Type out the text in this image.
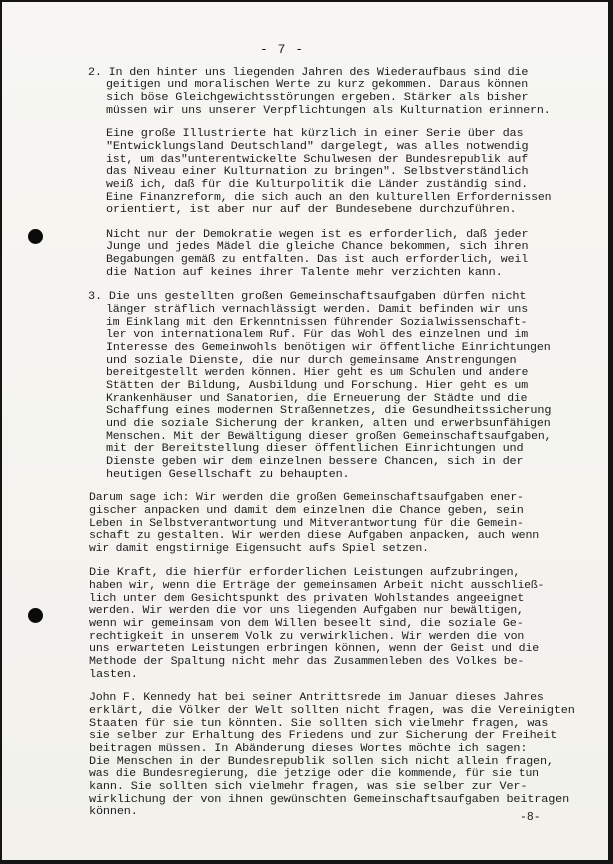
- 7 -
2. In den hinter uns liegenden Jahren des Wiederaufbaus sind die
geitigen und moralischen Werte zu kurz gekommen. Daraus können
sich böse Gleichgewichtsstörungen ergeben. Stärker als bisher
müssen wir uns unserer Verpflichtungen als Kulturnation erinnern.
Eine große Illustrierte hat kürzlich in einer Serie über das
"Entwicklungsland Deutschland" dargelegt, was alles notwendig
ist, um das"unterentwickelte Schulwesen der Bundesrepublik auf
das Niveau einer Kulturnation zu bringen". Selbstverständlich
weiß ich, daß für die Kulturpolitik die Länder zuständig sind.
Eine Finanzreform, die sich auch an den kulturellen Erfordernissen
orientiert, ist aber nur auf der Bundesebene durchzuführen.
Nicht nur der Demokratie wegen ist es erforderlich, daß jeder
Junge und jedes Mädel die gleiche Chance bekommen, sich ihren
Begabungen gemäß zu entfalten. Das ist auch erforderlich, weil
die Nation auf keines ihrer Talente mehr verzichten kann.
3. Die uns gestellten großen Gemeinschaftsaufgaben dürfen nicht
länger sträflich vernachlässigt werden. Damit befinden wir uns
im Einklang mit den Erkenntnissen führender Sozialwissenschaft-
ler von internationalem Ruf. Für das Wohl des einzelnen und im
Interesse des Gemeinwohls benötigen wir öffentliche Einrichtungen
und soziale Dienste, die nur durch gemeinsame Anstrengungen
bereitgestellt werden können. Hier geht es um Schulen und andere
Stätten der Bildung, Ausbildung und Forschung. Hier geht es um
Krankenhäuser und Sanatorien, die Erneuerung der Städte und die
Schaffung eines modernen Straßennetzes, die Gesundheitssicherung
und die soziale Sicherung der kranken, alten und erwerbsunfähigen
Menschen. Mit der Bewältigung dieser großen Gemeinschaftsaufgaben,
mit der Bereitstellung dieser öffentlichen Einrichtungen und
Dienste geben wir dem einzelnen bessere Chancen, sich in der
heutigen Gesellschaft zu behaupten.
Darum sage ich: Wir werden die großen Gemeinschaftsaufgaben ener-
gischer anpacken und damit dem einzelnen die Chance geben, sein
Leben in Selbstverantwortung und Mitverantwortung für die Gemein-
schaft zu gestalten. Wir werden diese Aufgaben anpacken, auch wenn
wir damit engstirnige Eigensucht aufs Spiel setzen.
Die Kraft, die hierfür erforderlichen Leistungen aufzubringen,
haben wir, wenn die Erträge der gemeinsamen Arbeit nicht ausschließ-
lich unter dem Gesichtspunkt des privaten Wohlstandes angeeignet
werden. Wir werden die vor uns liegenden Aufgaben nur bewältigen,
wenn wir gemeinsam von dem Willen beseelt sind, die soziale Ge-
rechtigkeit in unserem Volk zu verwirklichen. Wir werden die von
uns erwarteten Leistungen erbringen können, wenn der Geist und die
Methode der Spaltung nicht mehr das Zusammenleben des Volkes be-
lasten.
John F. Kennedy hat bei seiner Antrittsrede im Januar dieses Jahres
erklärt, die Völker der Welt sollten nicht fragen, was die Vereinigten
Staaten für sie tun könnten. Sie sollten sich vielmehr fragen, was
sie selber zur Erhaltung des Friedens und zur Sicherung der Freiheit
beitragen müssen. In Abänderung dieses Wortes möchte ich sagen:
Die Menschen in der Bundesrepublik sollen sich nicht allein fragen,
was die Bundesregierung, die jetzige oder die kommende, für sie tun
kann. Sie sollten sich vielmehr fragen, was sie selber zur Ver-
wirklichung der von ihnen gewünschten Gemeinschaftsaufgaben beitragen
können.	-8-
